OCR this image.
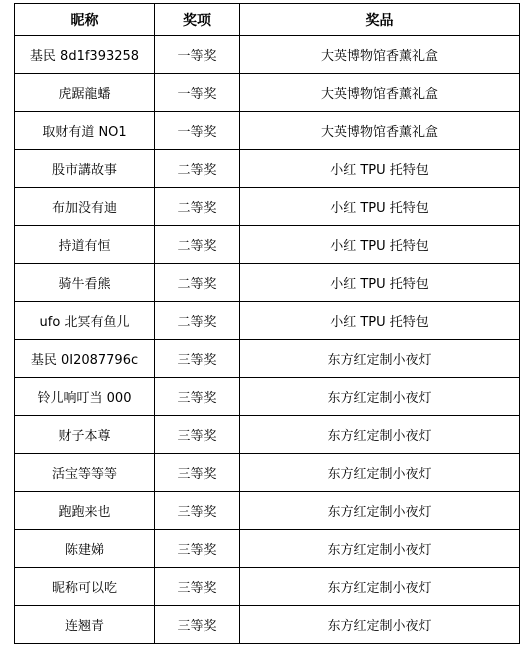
昵称	奖项	奖品
基民 8d1f393258	一等奖	大英博物馆香薰礼盒
虎踞龍蟠	一等奖	大英博物馆香薰礼盒
取财有道 NO1	一等奖	大英博物馆香薰礼盒
股市講故事	二等奖	小红 TPU 托特包
布加没有迪	二等奖	小红 TPU 托特包
持道有恒	二等奖	小红 TPU 托特包
骑牛看熊	二等奖	小红 TPU 托特包
ufo 北冥有鱼儿	二等奖	小红 TPU 托特包
基民 0I2087796c	三等奖	东方红定制小夜灯
铃儿响叮当 000	三等奖	东方红定制小夜灯
财子本尊	三等奖	东方红定制小夜灯
活宝等等等	三等奖	东方红定制小夜灯
跑跑来也	三等奖	东方红定制小夜灯
陈建娣	三等奖	东方红定制小夜灯
昵称可以吃	三等奖	东方红定制小夜灯
连翘青	三等奖	东方红定制小夜灯
